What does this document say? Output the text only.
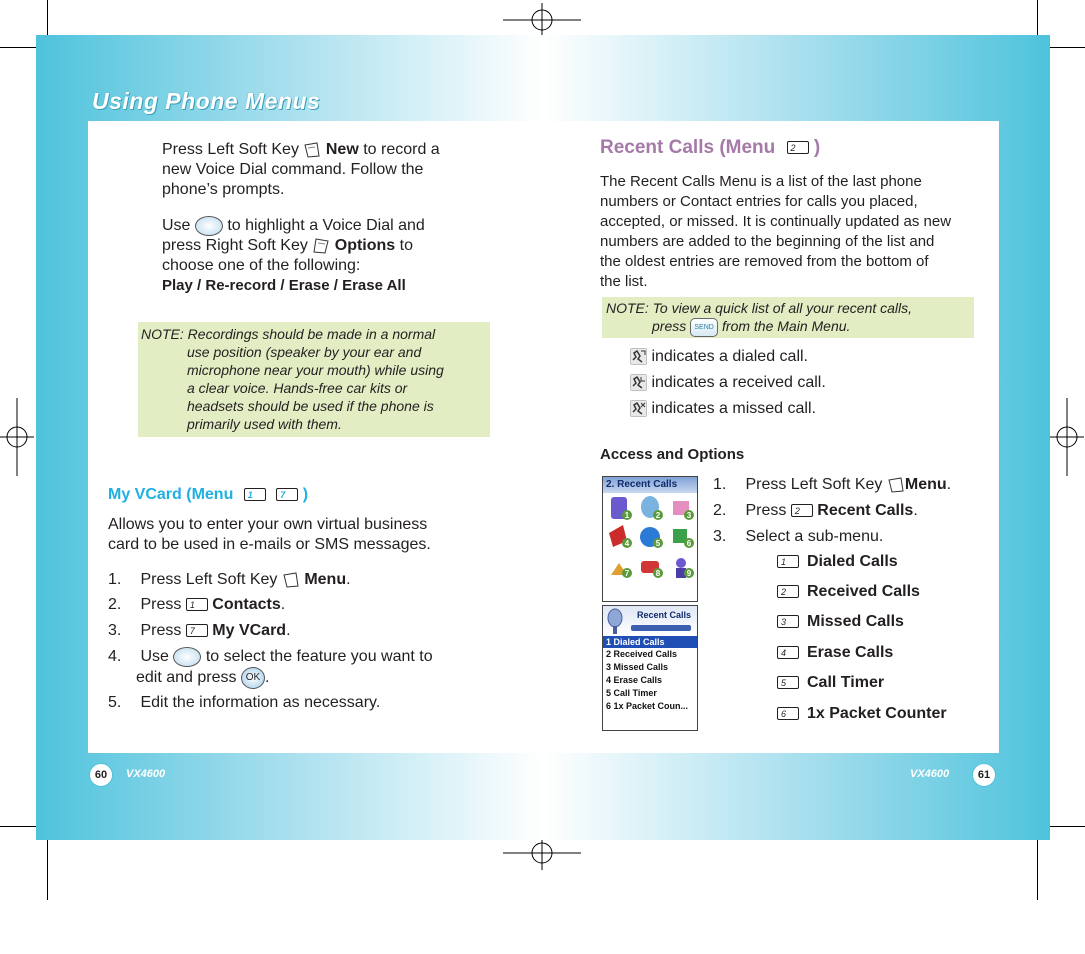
Using Phone Menus
Press Left Soft Key New to record a
new Voice Dial command. Follow the
phone’s prompts.
Use to highlight a Voice Dial and
press Right Soft Key Options to
choose one of the following:
Play / Re-record / Erase / Erase All
NOTE: Recordings should be made in a normal
use position (speaker by your ear and
microphone near your mouth) while using
a clear voice. Hands-free car kits or
headsets should be used if the phone is
primarily used with them.
My VCard (Menu 1	7 )
Allows you to enter your own virtual business
card to be used in e-mails or SMS messages.
1. Press Left Soft Key Menu.
2. Press 1 Contacts.
3. Press 7 My VCard.
4. Use to select the feature you want to
edit and press OK .
5. Edit the information as necessary.
Recent Calls (Menu 2 )
The Recent Calls Menu is a list of the last phone
numbers or Contact entries for calls you placed,
accepted, or missed. It is continually updated as new
numbers are added to the beginning of the list and
the oldest entries are removed from the bottom of
the list.
NOTE: To view a quick list of all your recent calls,
press SEND from the Main Menu.
indicates a dialed call.
indicates a received call.
indicates a missed call.
Access and Options
2. Recent Calls
1	2	3
4	5	6
7	8	9
Recent Calls
1 Dialed Calls
2 Received Calls
3 Missed Calls
4 Erase Calls
5 Call Timer
6 1x Packet Coun...
1. Press Left Soft Key Menu.
2. Press 2 Recent Calls.
3. Select a sub-menu.
1 Dialed Calls
2 Received Calls
3 Missed Calls
4 Erase Calls
5 Call Timer
6 1x Packet Counter
60	VX4600	VX4600	61
